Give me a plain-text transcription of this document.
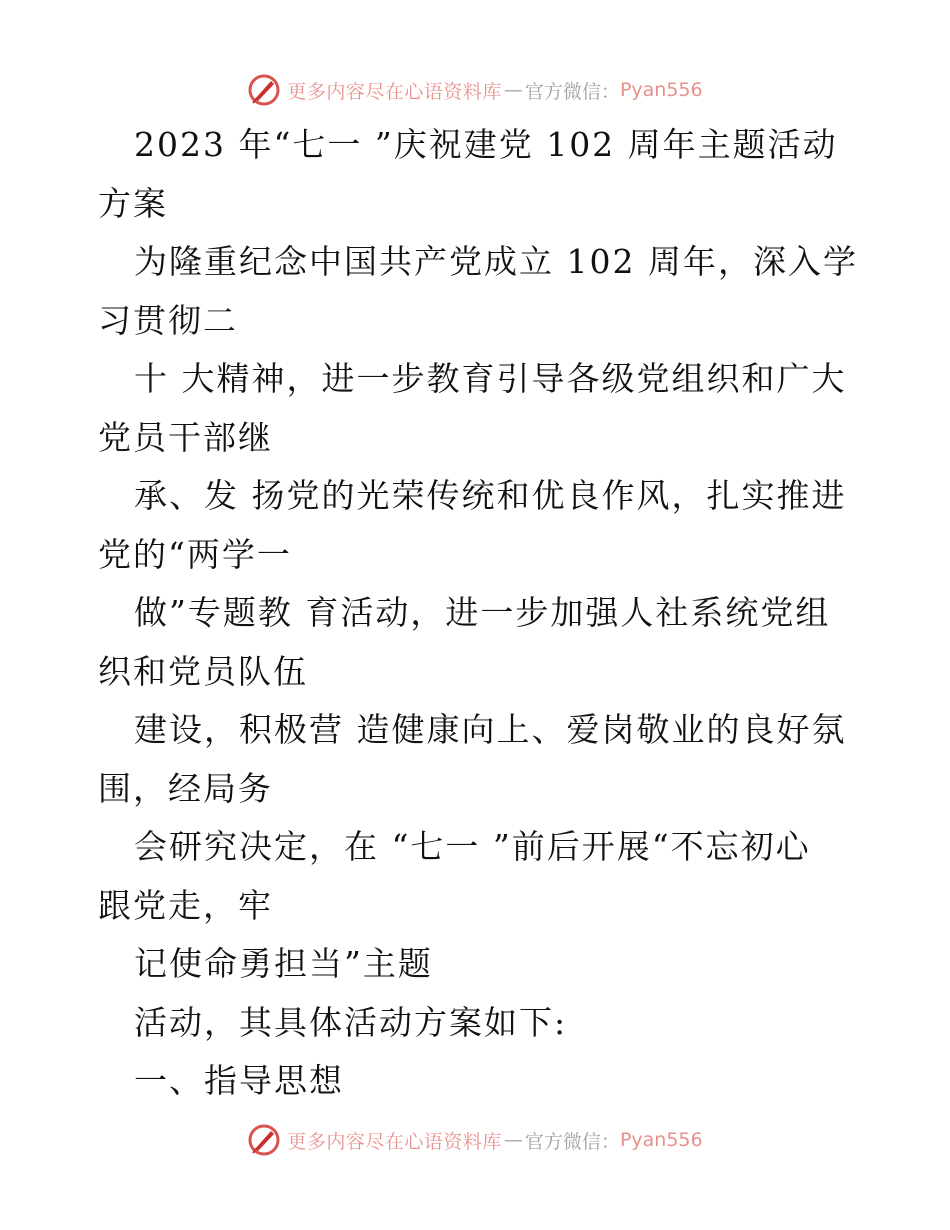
更多内容尽在心语资料库 — 官方微信： Pyan556
2023 年“七一 ”庆祝建党 102 周年主题活动
方案
为隆重纪念中国共产党成立 102 周年，深入学
习贯彻二
十 大精神，进一步教育引导各级党组织和广大
党员干部继
承、发 扬党的光荣传统和优良作风，扎实推进
党的“两学一
做”专题教 育活动，进一步加强人社系统党组
织和党员队伍
建设，积极营 造健康向上、爱岗敬业的良好氛
围，经局务
会研究决定，在 “七一 ”前后开展“不忘初心
跟党走，牢
记使命勇担当”主题
活动，其具体活动方案如下:
一、指导思想
更多内容尽在心语资料库 — 官方微信： Pyan556
